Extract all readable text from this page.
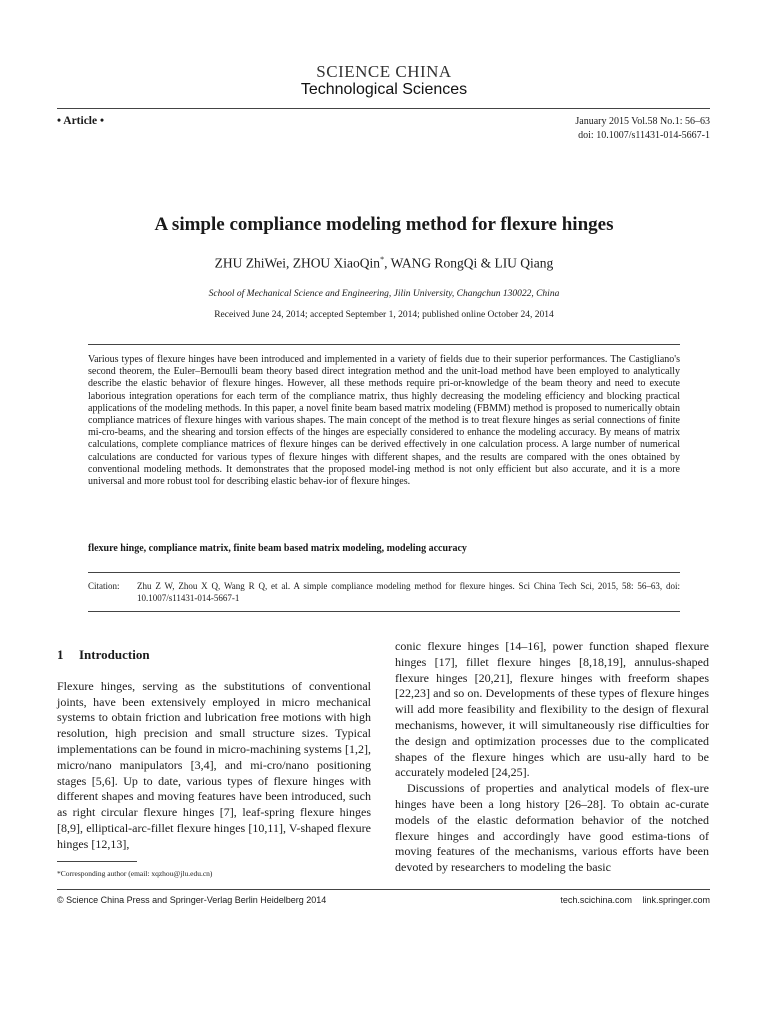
SCIENCE CHINA
Technological Sciences
• Article •	January 2015 Vol.58 No.1: 56–63
doi: 10.1007/s11431-014-5667-1
A simple compliance modeling method for flexure hinges
ZHU ZhiWei, ZHOU XiaoQin*, WANG RongQi & LIU Qiang
School of Mechanical Science and Engineering, Jilin University, Changchun 130022, China
Received June 24, 2014; accepted September 1, 2014; published online October 24, 2014
Various types of flexure hinges have been introduced and implemented in a variety of fields due to their superior performances. The Castigliano's second theorem, the Euler–Bernoulli beam theory based direct integration method and the unit-load method have been employed to analytically describe the elastic behavior of flexure hinges. However, all these methods require pri-or-knowledge of the beam theory and need to execute laborious integration operations for each term of the compliance matrix, thus highly decreasing the modeling efficiency and blocking practical applications of the modeling methods. In this paper, a novel finite beam based matrix modeling (FBMM) method is proposed to numerically obtain compliance matrices of flexure hinges with various shapes. The main concept of the method is to treat flexure hinges as serial connections of finite mi-cro-beams, and the shearing and torsion effects of the hinges are especially considered to enhance the modeling accuracy. By means of matrix calculations, complete compliance matrices of flexure hinges can be derived effectively in one calculation process. A large number of numerical calculations are conducted for various types of flexure hinges with different shapes, and the results are compared with the ones obtained by conventional modeling methods. It demonstrates that the proposed model-ing method is not only efficient but also accurate, and it is a more universal and more robust tool for describing elastic behav-ior of flexure hinges.
flexure hinge, compliance matrix, finite beam based matrix modeling, modeling accuracy
Citation: Zhu Z W, Zhou X Q, Wang R Q, et al. A simple compliance modeling method for flexure hinges. Sci China Tech Sci, 2015, 58: 56–63, doi: 10.1007/s11431-014-5667-1
1 Introduction

Flexure hinges, serving as the substitutions of conventional joints, have been extensively employed in micro mechanical systems to obtain friction and lubrication free motions with high resolution, high precision and small structure sizes. Typical implementations can be found in micro-machining systems [1,2], micro/nano manipulators [3,4], and mi-cro/nano positioning stages [5,6]. Up to date, various types of flexure hinges with different shapes and moving features have been introduced, such as right circular flexure hinges [7], leaf-spring flexure hinges [8,9], elliptical-arc-fillet flexure hinges [10,11], V-shaped flexure hinges [12,13],

conic flexure hinges [14–16], power function shaped flexure hinges [17], fillet flexure hinges [8,18,19], annulus-shaped flexure hinges [20,21], flexure hinges with freeform shapes [22,23] and so on. Developments of these types of flexure hinges will add more feasibility and flexibility to the design of flexural mechanisms, however, it will simultaneously rise difficulties for the design and optimization processes due to the complicated shapes of the flexure hinges which are usu-ally hard to be accurately modeled [24,25].

Discussions of properties and analytical models of flex-ure hinges have been a long history [26–28]. To obtain ac-curate models of the elastic deformation behavior of the notched flexure hinges and accordingly have good estima-tions of moving features of the mechanisms, various efforts have been devoted by researchers to modeling the basic

*Corresponding author (email: xqzhou@jlu.edu.cn)
© Science China Press and Springer-Verlag Berlin Heidelberg 2014	tech.scichina.com link.springer.com
